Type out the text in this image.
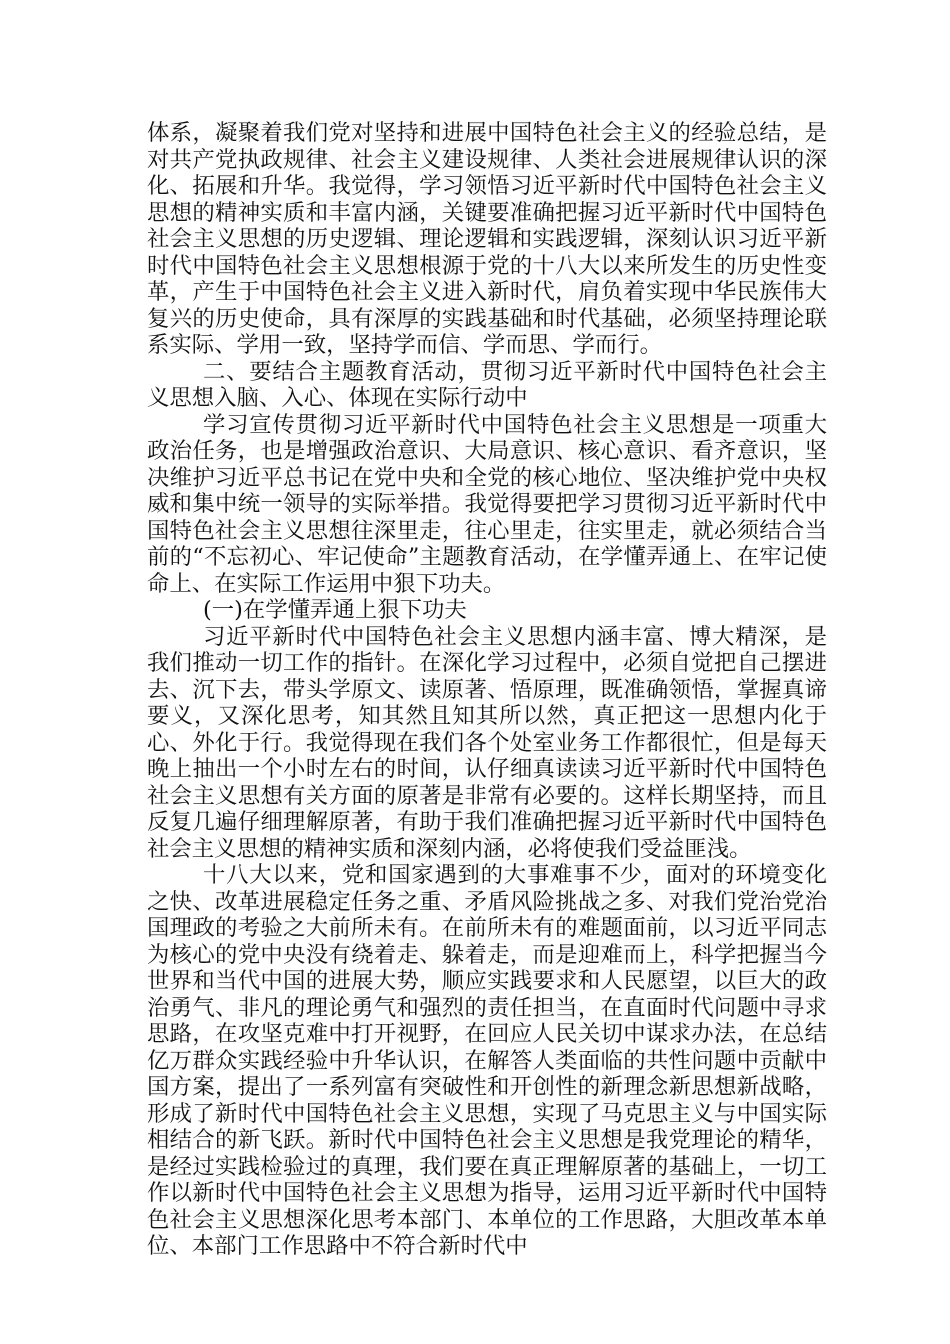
体系，凝聚着我们党对坚持和进展中国特色社会主义的经验总结，是对共产党执政规律、社会主义建设规律、人类社会进展规律认识的深化、拓展和升华。我觉得，学习领悟习近平新时代中国特色社会主义思想的精神实质和丰富内涵，关键要准确把握习近平新时代中国特色社会主义思想的历史逻辑、理论逻辑和实践逻辑，深刻认识习近平新时代中国特色社会主义思想根源于党的十八大以来所发生的历史性变革，产生于中国特色社会主义进入新时代，肩负着实现中华民族伟大复兴的历史使命，具有深厚的实践基础和时代基础，必须坚持理论联系实际、学用一致，坚持学而信、学而思、学而行。

二、要结合主题教育活动，贯彻习近平新时代中国特色社会主义思想入脑、入心、体现在实际行动中

学习宣传贯彻习近平新时代中国特色社会主义思想是一项重大政治任务，也是增强政治意识、大局意识、核心意识、看齐意识，坚决维护习近平总书记在党中央和全党的核心地位、坚决维护党中央权威和集中统一领导的实际举措。我觉得要把学习贯彻习近平新时代中国特色社会主义思想往深里走，往心里走，往实里走，就必须结合当前的“不忘初心、牢记使命”主题教育活动，在学懂弄通上、在牢记使命上、在实际工作运用中狠下功夫。

(一)在学懂弄通上狠下功夫

习近平新时代中国特色社会主义思想内涵丰富、博大精深，是我们推动一切工作的指针。在深化学习过程中，必须自觉把自己摆进去、沉下去，带头学原文、读原著、悟原理，既准确领悟，掌握真谛要义，又深化思考，知其然且知其所以然，真正把这一思想内化于心、外化于行。我觉得现在我们各个处室业务工作都很忙，但是每天晚上抽出一个小时左右的时间，认仔细真读读习近平新时代中国特色社会主义思想有关方面的原著是非常有必要的。这样长期坚持，而且反复几遍仔细理解原著，有助于我们准确把握习近平新时代中国特色社会主义思想的精神实质和深刻内涵，必将使我们受益匪浅。

十八大以来，党和国家遇到的大事难事不少，面对的环境变化之快、改革进展稳定任务之重、矛盾风险挑战之多、对我们党治党治国理政的考验之大前所未有。在前所未有的难题面前，以习近平同志为核心的党中央没有绕着走、躲着走，而是迎难而上，科学把握当今世界和当代中国的进展大势，顺应实践要求和人民愿望，以巨大的政治勇气、非凡的理论勇气和强烈的责任担当，在直面时代问题中寻求思路，在攻坚克难中打开视野，在回应人民关切中谋求办法，在总结亿万群众实践经验中升华认识，在解答人类面临的共性问题中贡献中国方案，提出了一系列富有突破性和开创性的新理念新思想新战略，形成了新时代中国特色社会主义思想，实现了马克思主义与中国实际相结合的新飞跃。新时代中国特色社会主义思想是我党理论的精华，是经过实践检验过的真理，我们要在真正理解原著的基础上，一切工作以新时代中国特色社会主义思想为指导，运用习近平新时代中国特色社会主义思想深化思考本部门、本单位的工作思路，大胆改革本单位、本部门工作思路中不符合新时代中
